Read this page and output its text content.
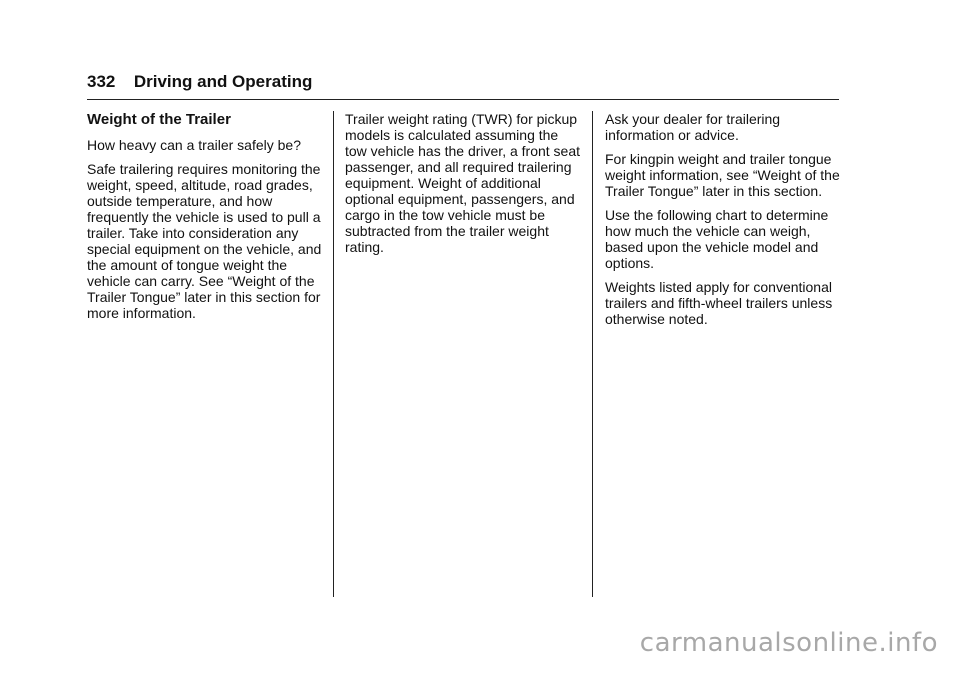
332 Driving and Operating
Weight of the Trailer

How heavy can a trailer safely be?

Safe trailering requires monitoring the weight, speed, altitude, road grades, outside temperature, and how frequently the vehicle is used to pull a trailer. Take into consideration any special equipment on the vehicle, and the amount of tongue weight the vehicle can carry. See “Weight of the Trailer Tongue” later in this section for more information.

Trailer weight rating (TWR) for pickup models is calculated assuming the tow vehicle has the driver, a front seat passenger, and all required trailering equipment. Weight of additional optional equipment, passengers, and cargo in the tow vehicle must be subtracted from the trailer weight rating.

Ask your dealer for trailering information or advice.

For kingpin weight and trailer tongue weight information, see “Weight of the Trailer Tongue” later in this section.

Use the following chart to determine how much the vehicle can weigh, based upon the vehicle model and options.

Weights listed apply for conventional trailers and fifth-wheel trailers unless otherwise noted.

carmanualsonline.info
